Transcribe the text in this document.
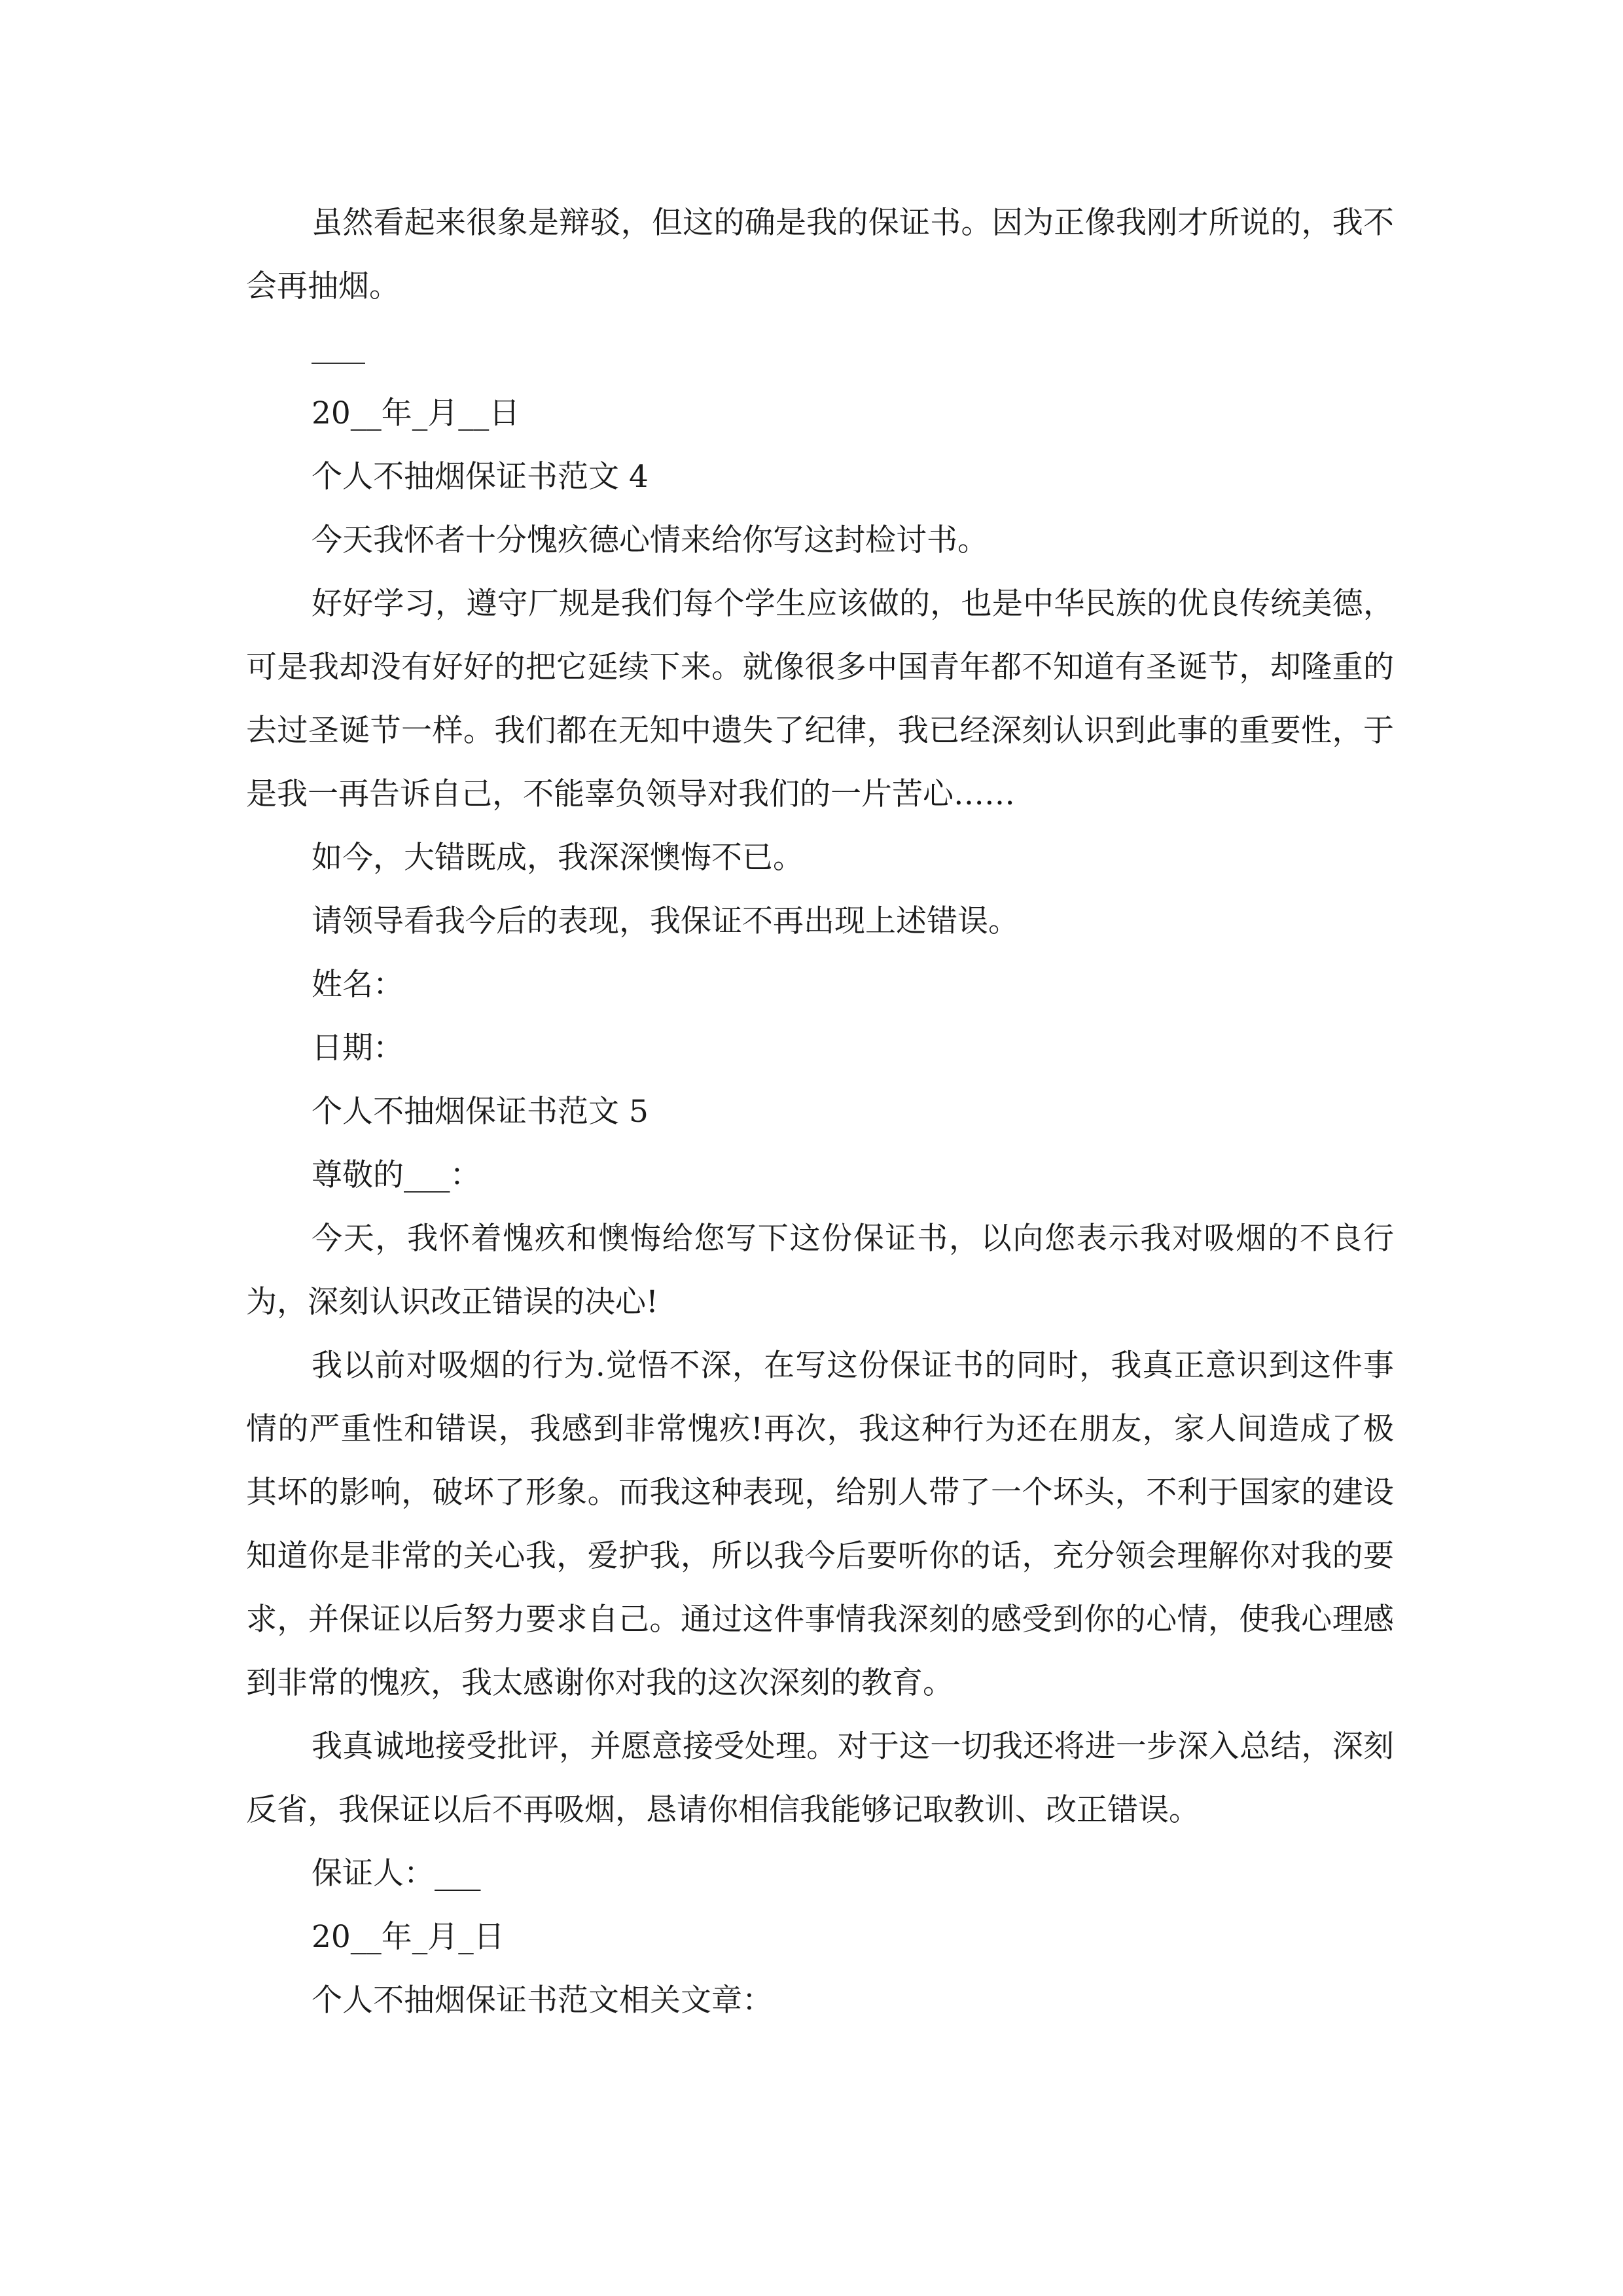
虽然看起来很象是辩驳，但这的确是我的保证书。因为正像我刚才所说的，我不会再抽烟。

20__年_月__日

个人不抽烟保证书范文 4

今天我怀者十分愧疚德心情来给你写这封检讨书。

好好学习，遵守厂规是我们每个学生应该做的，也是中华民族的优良传统美德，可是我却没有好好的把它延续下来。就像很多中国青年都不知道有圣诞节，却隆重的去过圣诞节一样。我们都在无知中遗失了纪律，我已经深刻认识到此事的重要性，于是我一再告诉自己，不能辜负领导对我们的一片苦心……

如今，大错既成，我深深懊悔不已。

请领导看我今后的表现，我保证不再出现上述错误。

姓名：

日期：

个人不抽烟保证书范文 5

尊敬的___：

今天，我怀着愧疚和懊悔给您写下这份保证书，以向您表示我对吸烟的不良行为，深刻认识改正错误的决心!

我以前对吸烟的行为.觉悟不深，在写这份保证书的同时，我真正意识到这件事情的严重性和错误，我感到非常愧疚!再次，我这种行为还在朋友，家人间造成了极其坏的影响，破坏了形象。而我这种表现，给别人带了一个坏头，不利于国家的建设知道你是非常的关心我，爱护我，所以我今后要听你的话，充分领会理解你对我的要求，并保证以后努力要求自己。通过这件事情我深刻的感受到你的心情，使我心理感到非常的愧疚，我太感谢你对我的这次深刻的教育。

我真诚地接受批评，并愿意接受处理。对于这一切我还将进一步深入总结，深刻反省，我保证以后不再吸烟，恳请你相信我能够记取教训、改正错误。

保证人：___

20__年_月_日

个人不抽烟保证书范文相关文章：
